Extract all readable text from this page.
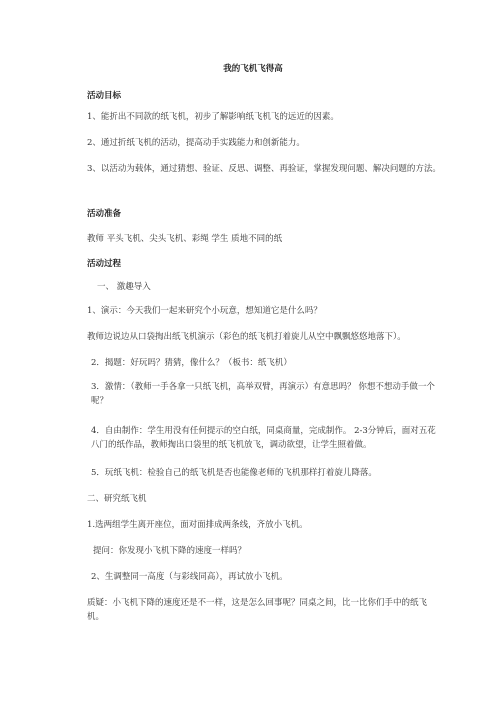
我的飞机飞得高
活动目标
1、能折出不同款的纸飞机，初步了解影响纸飞机飞的远近的因素。
2、通过折纸飞机的活动，提高动手实践能力和创新能力。
3、以活动为载体，通过猜想、验证、反思、调整、再验证，掌握发现问题、解决问题的方法。
活动准备
教师 平头飞机、尖头飞机、彩绳 学生 质地不同的纸
活动过程
一、 激趣导入
1、演示：今天我们一起来研究个小玩意，想知道它是什么吗？
教师边说边从口袋掏出纸飞机演示（彩色的纸飞机打着旋儿从空中飘飘悠悠地落下）。
2．揭题：好玩吗？猜猜，像什么？（板书：纸飞机）
3．激情：（教师一手各拿一只纸飞机，高举双臂，再演示）有意思吗？ 你想不想动手做一个呢？
4．自由制作：学生用没有任何提示的空白纸，同桌商量，完成制作。 2-3分钟后，面对五花八门的纸作品，教师掏出口袋里的纸飞机放飞，调动欲望，让学生照着做。
5．玩纸飞机：检验自己的纸飞机是否也能像老师的飞机那样打着旋儿降落。
二、研究纸飞机
1.选两组学生离开座位，面对面排成两条线，齐放小飞机。
提问：你发现小飞机下降的速度一样吗？
2、生调整同一高度（与彩线同高），再试放小飞机。
质疑：小飞机下降的速度还是不一样，这是怎么回事呢？同桌之间，比一比你们手中的纸飞机。
